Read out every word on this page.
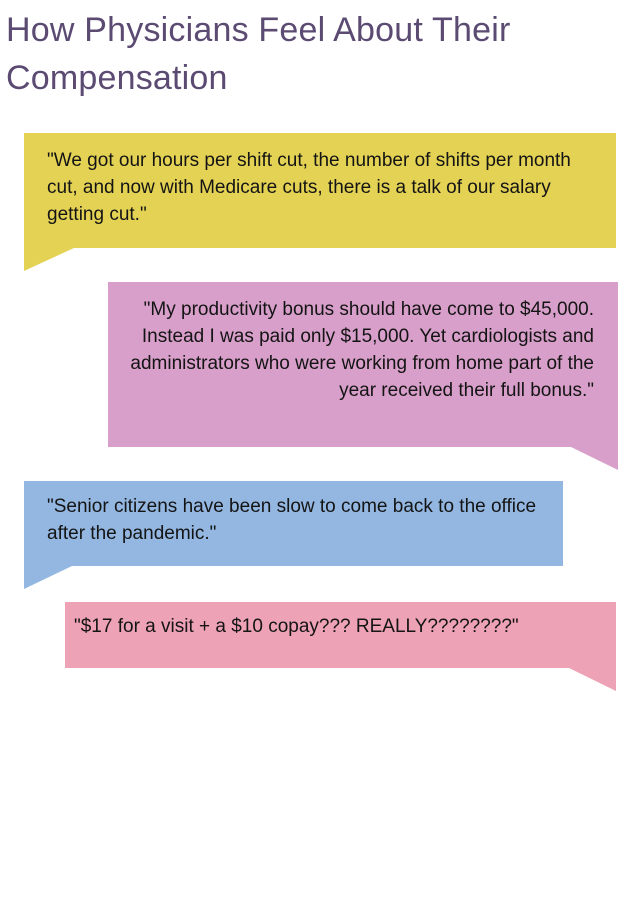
How Physicians Feel About Their Compensation
"We got our hours per shift cut, the number of shifts per month cut, and now with Medicare cuts, there is a talk of our salary getting cut."
"My productivity bonus should have come to $45,000. Instead I was paid only $15,000. Yet cardiologists and administrators who were working from home part of the year received their full bonus."
"Senior citizens have been slow to come back to the office after the pandemic."
"$17 for a visit + a $10 copay??? REALLY????????"
